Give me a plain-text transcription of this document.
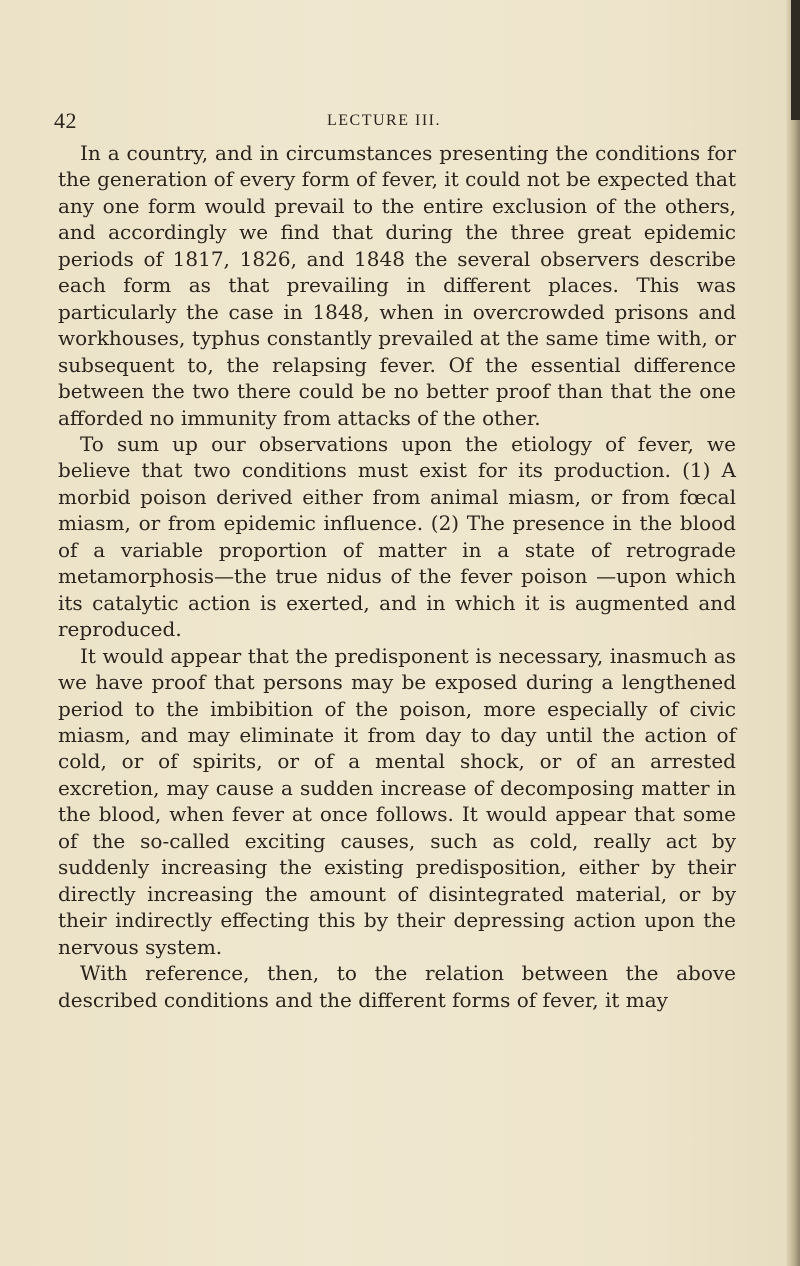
42	LECTURE III.

In a country, and in circumstances presenting the conditions for the generation of every form of fever, it could not be expected that any one form would prevail to the entire exclusion of the others, and accordingly we find that during the three great epidemic periods of 1817, 1826, and 1848 the several observers describe each form as that prevailing in different places. This was particularly the case in 1848, when in overcrowded prisons and workhouses, typhus constantly prevailed at the same time with, or subsequent to, the relapsing fever. Of the essential difference between the two there could be no better proof than that the one afforded no immunity from attacks of the other.

To sum up our observations upon the etiology of fever, we believe that two conditions must exist for its production. (1) A morbid poison derived either from animal miasm, or from fœcal miasm, or from epidemic influence. (2) The presence in the blood of a variable proportion of matter in a state of retrograde metamorphosis—the true nidus of the fever poison —upon which its catalytic action is exerted, and in which it is augmented and reproduced.

It would appear that the predisponent is necessary, inasmuch as we have proof that persons may be exposed during a lengthened period to the imbibition of the poison, more especially of civic miasm, and may eliminate it from day to day until the action of cold, or of spirits, or of a mental shock, or of an arrested excretion, may cause a sudden increase of decomposing matter in the blood, when fever at once follows. It would appear that some of the so-called exciting causes, such as cold, really act by suddenly increasing the existing predisposition, either by their directly increasing the amount of disintegrated material, or by their indirectly effecting this by their depressing action upon the nervous system.

With reference, then, to the relation between the above described conditions and the different forms of fever, it may
